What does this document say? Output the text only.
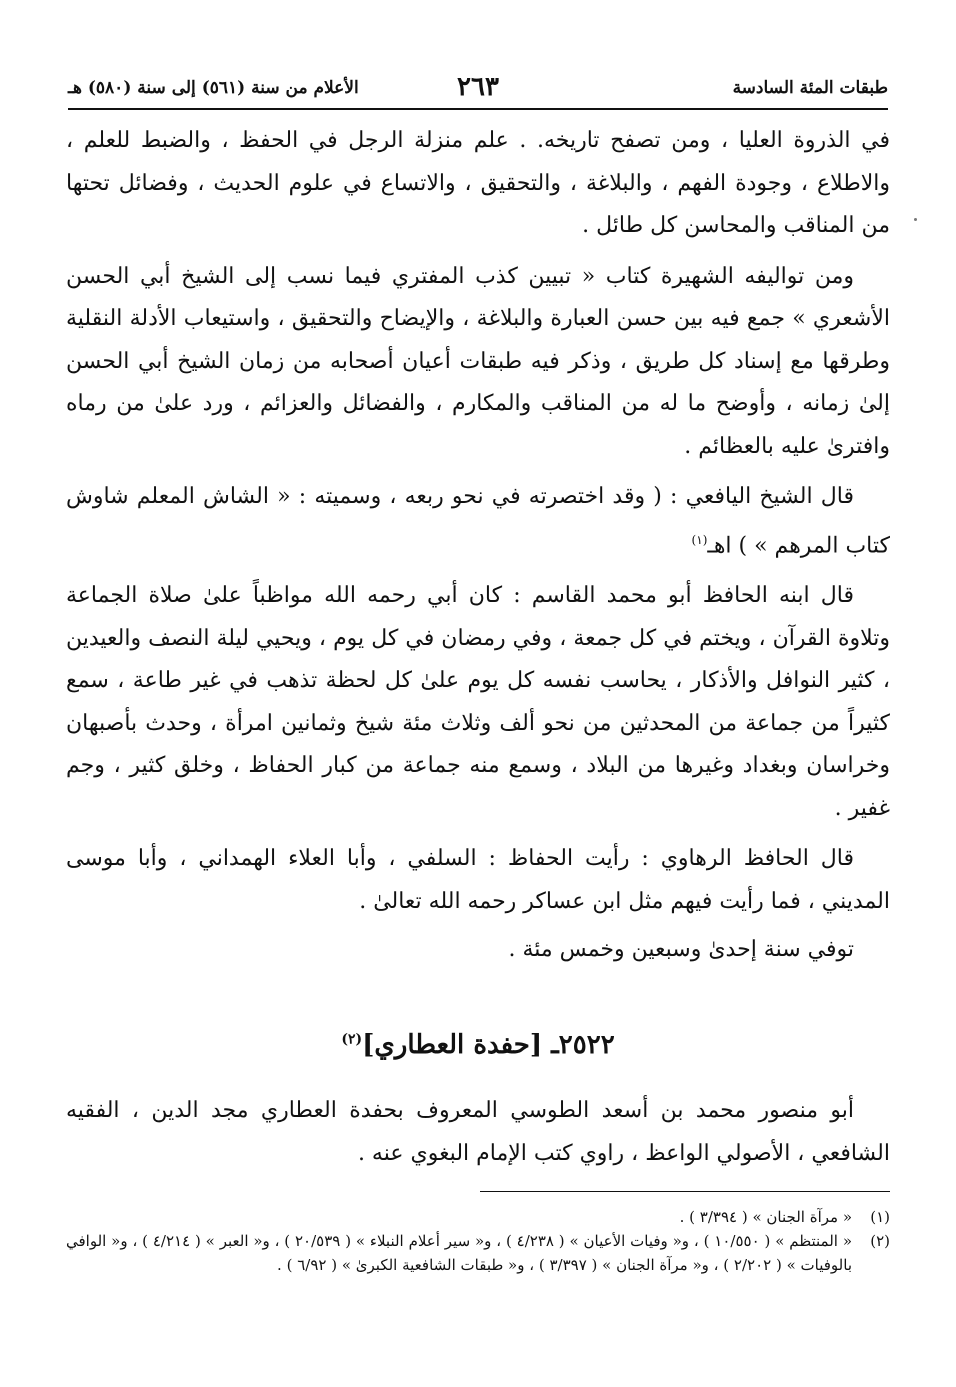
طبقات المئة السادسة
٢٦٣
الأعلام من سنة (٥٦١) إلى سنة (٥٨٠) هـ

في الذروة العليا ، ومن تصفح تاريخه. . علم منزلة الرجل في الحفظ ، والضبط للعلم ، والاطلاع ، وجودة الفهم ، والبلاغة ، والتحقيق ، والاتساع في علوم الحديث ، وفضائل تحتها من المناقب والمحاسن كل طائل .

ومن تواليفه الشهيرة كتاب « تبيين كذب المفتري فيما نسب إلى الشيخ أبي الحسن الأشعري » جمع فيه بين حسن العبارة والبلاغة ، والإيضاح والتحقيق ، واستيعاب الأدلة النقلية وطرقها مع إسناد كل طريق ، وذكر فيه طبقات أعيان أصحابه من زمان الشيخ أبي الحسن إلىٰ زمانه ، وأوضح ما له من المناقب والمكارم ، والفضائل والعزائم ، ورد علىٰ من رماه وافترىٰ عليه بالعظائم .

قال الشيخ اليافعي : ( وقد اختصرته في نحو ربعه ، وسميته : « الشاش المعلم شاوش كتاب المرهم » ) اهـ$^{(١)}$

قال ابنه الحافظ أبو محمد القاسم : كان أبي رحمه الله مواظباً علىٰ صلاة الجماعة وتلاوة القرآن ، ويختم في كل جمعة ، وفي رمضان في كل يوم ، ويحيي ليلة النصف والعيدين ، كثير النوافل والأذكار ، يحاسب نفسه كل يوم علىٰ كل لحظة تذهب في غير طاعة ، سمع كثيراً من جماعة من المحدثين من نحو ألف وثلاث مئة شيخ وثمانين امرأة ، وحدث بأصبهان وخراسان وبغداد وغيرها من البلاد ، وسمع منه جماعة من كبار الحفاظ ، وخلق كثير ، وجم غفير .

قال الحافظ الرهاوي : رأيت الحفاظ : السلفي ، وأبا العلاء الهمداني ، وأبا موسى المديني ، فما رأيت فيهم مثل ابن عساكر رحمه الله تعالىٰ .

توفي سنة إحدىٰ وسبعين وخمس مئة .

٢٥٢٢ـ [حفدة العطاري]$^{(٢)}$

أبو منصور محمد بن أسعد الطوسي المعروف بحفدة العطاري مجد الدين ، الفقيه الشافعي ، الأصولي الواعظ ، راوي كتب الإمام البغوي عنه .

(١)
« مرآة الجنان » ( ٣/٣٩٤ ) .
(٢)
« المنتظم » ( ١٠/٥٥٠ ) ، و« وفيات الأعيان » ( ٤/٢٣٨ ) ، و« سير أعلام النبلاء » ( ٢٠/٥٣٩ ) ، و« العبر » ( ٤/٢١٤ ) ، و« الوافي بالوفيات » ( ٢/٢٠٢ ) ، و« مرآة الجنان » ( ٣/٣٩٧ ) ، و« طبقات الشافعية الكبرىٰ » ( ٦/٩٢ ) .
